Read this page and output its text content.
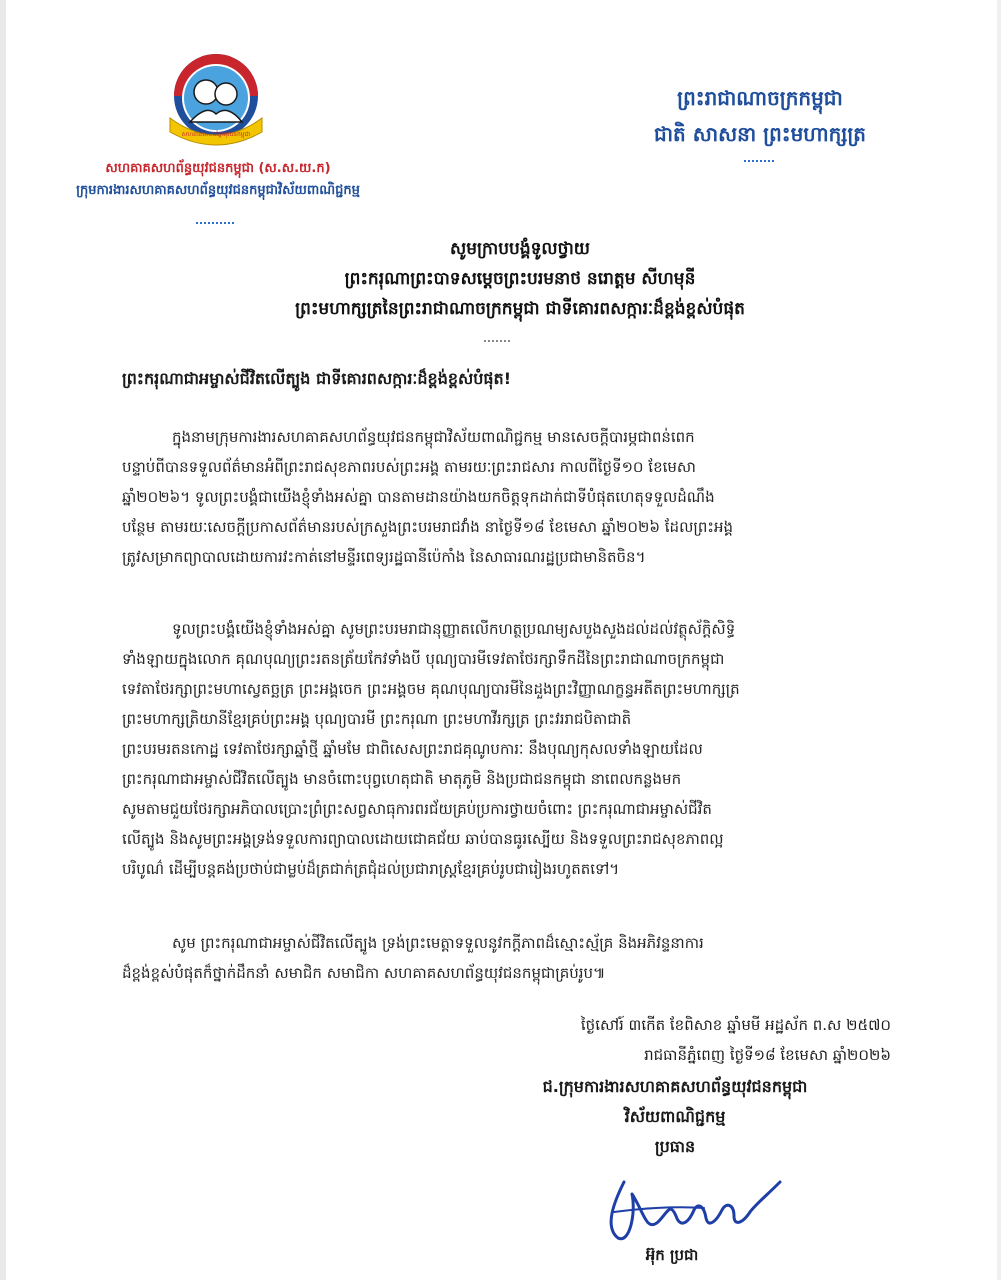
សហគាគសហព័ន្ធយុវជនកម្ពុជា
សហគាគសហព័ន្ធយុវជនកម្ពុជា (ស.ស.យ.ក)
ក្រុមការងារសហគាគសហព័ន្ធយុវជនកម្ពុជាវិស័យពាណិជ្ជកម្ម
ព្រះរាជាណាចក្រកម្ពុជា
ជាតិ សាសនា ព្រះមហាក្សត្រ
សូមក្រាបបង្គំទូលថ្វាយ
ព្រះករុណាព្រះបាទសម្ដេចព្រះបរមនាថ នរោត្តម សីហមុនី
ព្រះមហាក្សត្រនៃព្រះរាជាណាចក្រកម្ពុជា ជាទីគោរពសក្ការៈដ៏ខ្ពង់ខ្ពស់បំផុត
ព្រះករុណាជាអម្ចាស់ជីវិតលើត្បូង ជាទីគោរពសក្ការៈដ៏ខ្ពង់ខ្ពស់បំផុត!
ក្នុងនាមក្រុមការងារសហគាគសហព័ន្ធយុវជនកម្ពុជាវិស័យពាណិជ្ជកម្ម មានសេចក្ដីបារម្ភជាពន់ពេក
បន្ទាប់ពីបានទទួលព័ត៌មានអំពីព្រះរាជសុខភាពរបស់ព្រះអង្គ តាមរយៈព្រះរាជសារ កាលពីថ្ងៃទី១០ ខែមេសា
ឆ្នាំ២០២៦។ ទូលព្រះបង្គំជាយើងខ្ញុំទាំងអស់គ្នា បានតាមដានយ៉ាងយកចិត្តទុកដាក់ជាទីបំផុតហេតុទទួលដំណឹង
បន្ថែម តាមរយៈសេចក្ដីប្រកាសព័ត៌មានរបស់ក្រសួងព្រះបរមរាជវាំង នាថ្ងៃទី១៨ ខែមេសា ឆ្នាំ២០២៦ ដែលព្រះអង្គ
ត្រូវសម្រាកព្យាបាលដោយការវះកាត់នៅមន្ទីរពេទ្យរដ្ឋធានីប៉េកាំង នៃសាធារណរដ្ឋប្រជាមានិតចិន។
ទូលព្រះបង្គំយើងខ្ញុំទាំងអស់គ្នា សូមព្រះបរមរាជានុញ្ញាតលើកហត្ថប្រណម្យសបួងសួងដល់ដល់វត្ថុស័ក្តិសិទ្ធិ
ទាំងឡាយក្នុងលោក គុណបុណ្យព្រះរតនត្រ័យកែវទាំងបី បុណ្យបារមីទេវតាថែរក្សាទឹកដីនៃព្រះរាជាណាចក្រកម្ពុជា
ទេវតាថែរក្សាព្រះមហាស្វេតច្ឆត្រ ព្រះអង្គចេក ព្រះអង្គចម គុណបុណ្យបារមីនៃដួងព្រះវិញ្ញាណក្ខន្ធអតីតព្រះមហាក្សត្រ
ព្រះមហាក្សត្រិយានីខ្មែរគ្រប់ព្រះអង្គ បុណ្យបារមី ព្រះករុណា ព្រះមហាវីរក្សត្រ ព្រះវររាជបិតាជាតិ
ព្រះបរមរតនកោដ្ឋ ទេវតាថែរក្សាឆ្នាំថ្មី ឆ្នាំមមែ ជាពិសេសព្រះរាជគុណូបការៈ នឹងបុណ្យកុសលទាំងឡាយដែល
ព្រះករុណាជាអម្ចាស់ជីវិតលើត្បូង មានចំពោះបុព្វហេតុជាតិ មាតុភូមិ និងប្រជាជនកម្ពុជា នាពេលកន្លងមក
សូមតាមជួយថែរក្សាអភិបាលប្រោះព្រំព្រះសព្វសាធុការពរជ័យគ្រប់ប្រការថ្វាយចំពោះ ព្រះករុណាជាអម្ចាស់ជីវិត
លើត្បូង និងសូមព្រះអង្គទ្រង់ទទួលការព្យាបាលដោយជោគជ័យ ឆាប់បានធូរស្បើយ និងទទួលព្រះរាជសុខភាពល្អ
បរិបូណ៌ ដើម្បីបន្តគង់ប្រថាប់ជាម្លប់ដ៏ត្រជាក់ត្រជុំដល់ប្រជារាស្ត្រខ្មែរគ្រប់រូបជារៀងរហូតតទៅ។
សូម ព្រះករុណាជាអម្ចាស់ជីវិតលើត្បូង ទ្រង់ព្រះមេត្តាទទួលនូវកក្ដីភាពដ៏ស្មោះស្ម័គ្រ និងអភិវន្ទនាការ
ដ៏ខ្ពង់ខ្ពស់បំផុតក៏ថ្នាក់ដឹកនាំ សមាជិក សមាជិកា សហគាគសហព័ន្ធយុវជនកម្ពុជាគ្រប់រូប៕
ថ្ងៃសៅរ៍ ៣កើត ខែពិសាខ ឆ្នាំមមី អដ្ឋស័ក ព.ស ២៥៧០
រាជធានីភ្នំពេញ ថ្ងៃទី១៨ ខែមេសា ឆ្នាំ២០២៦
ជ.ក្រុមការងារសហគាគសហព័ន្ធយុវជនកម្ពុជា
វិស័យពាណិជ្ជកម្ម
ប្រធាន
អ៊ុក ប្រជា
